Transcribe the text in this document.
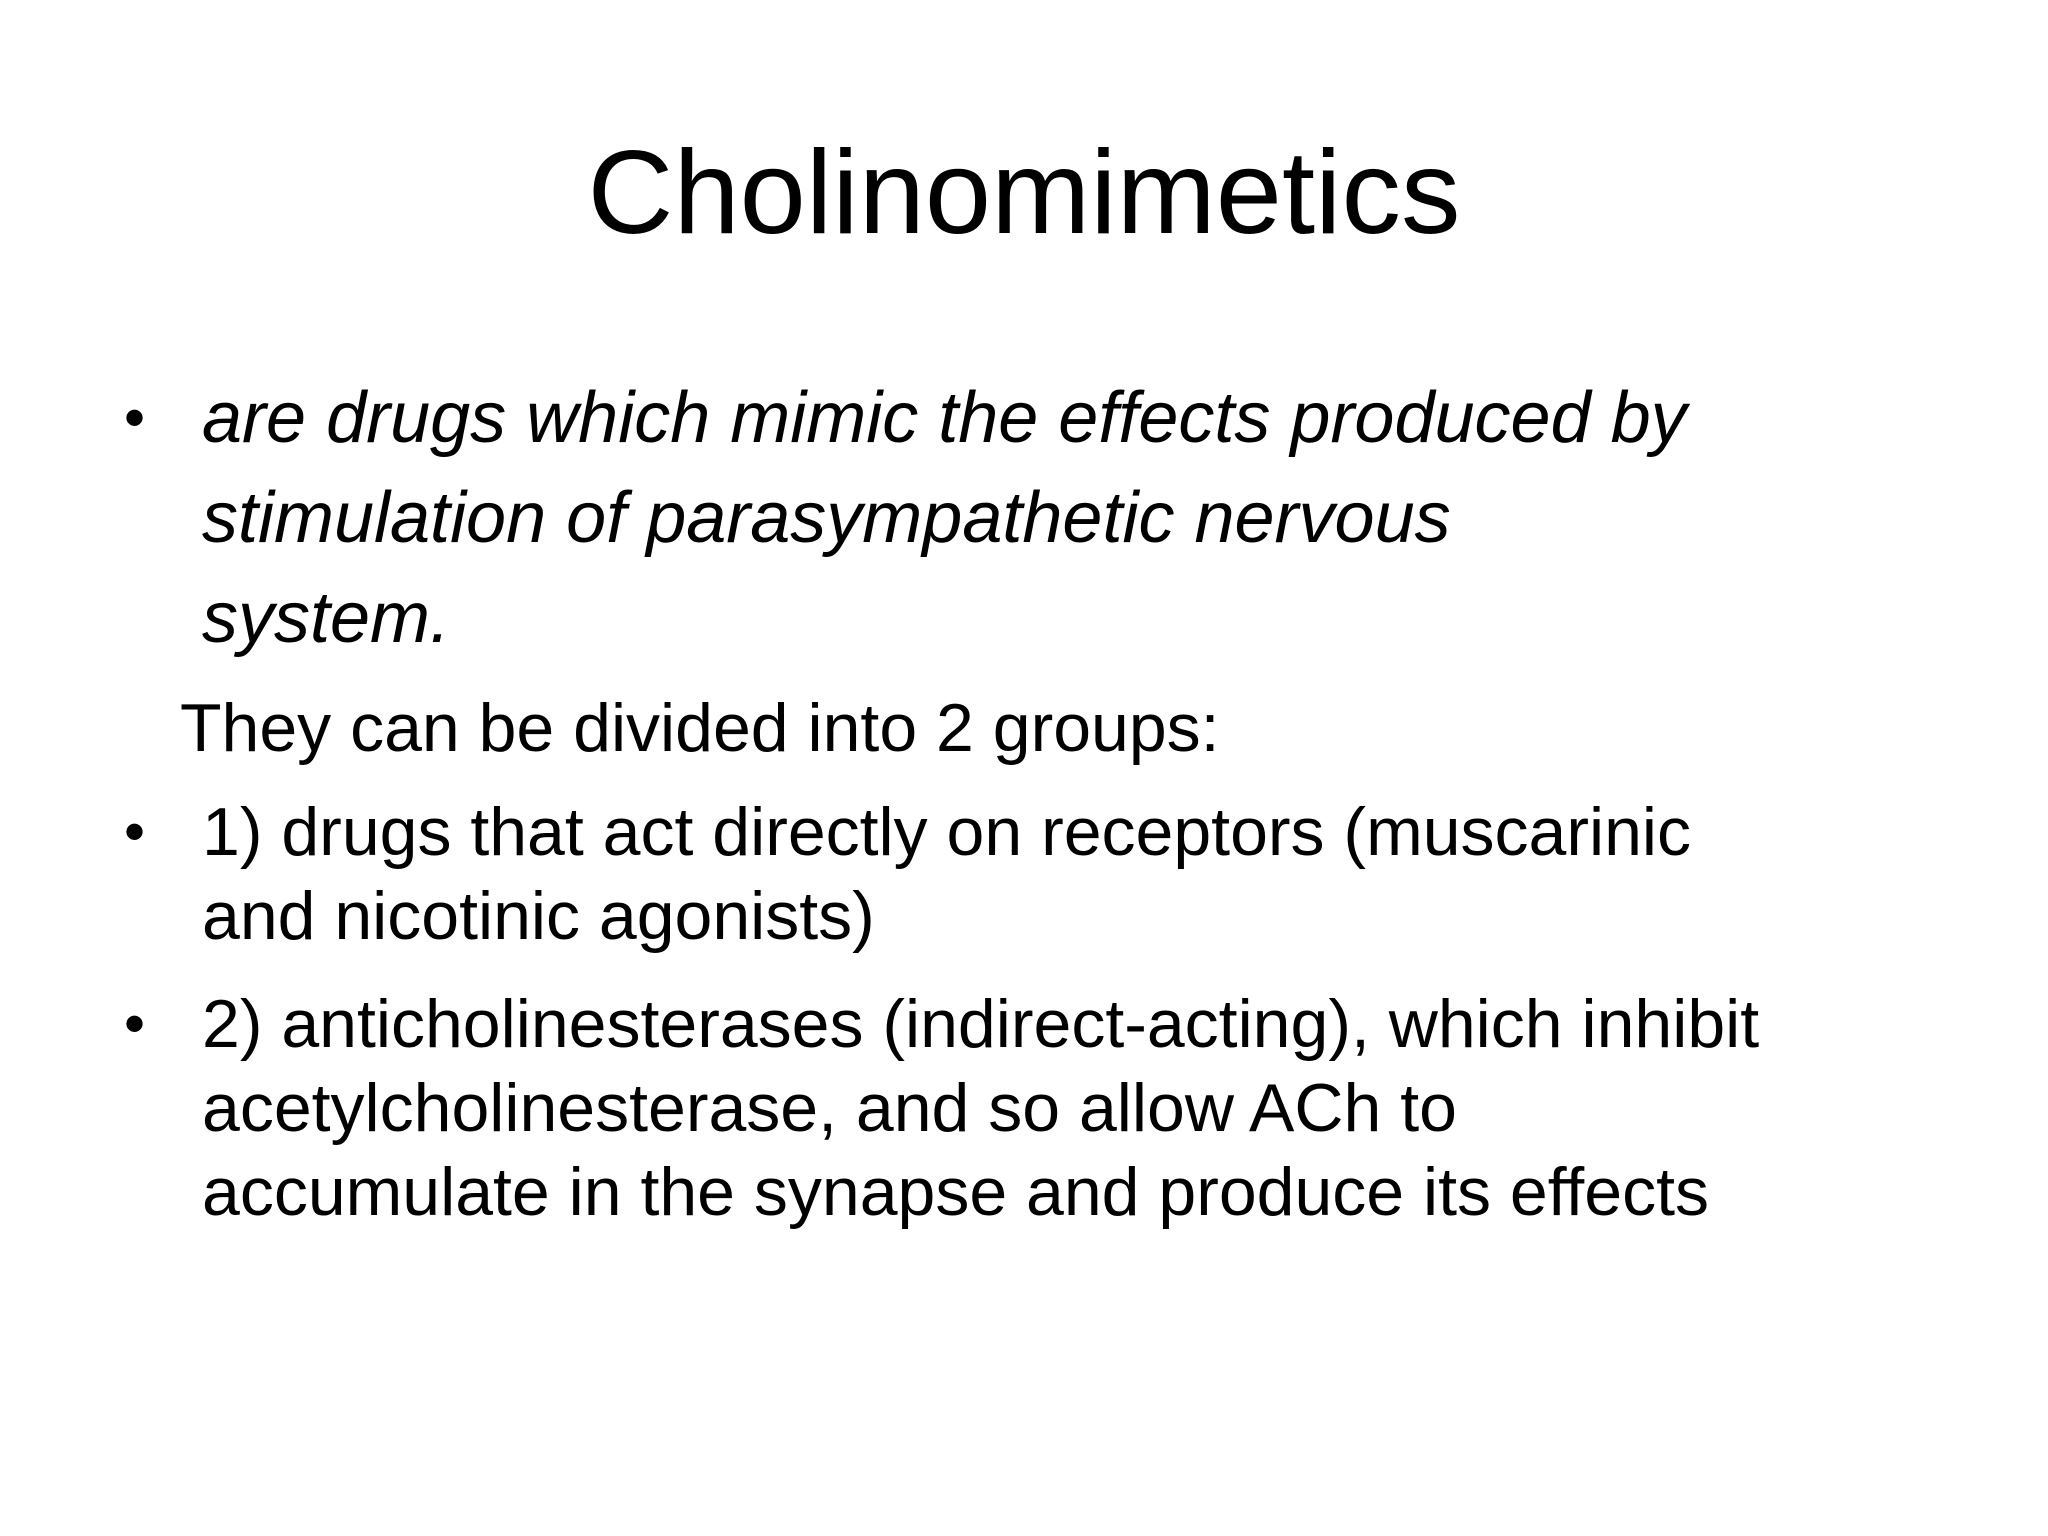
Cholinomimetics
• are drugs which mimic the effects produced by
stimulation of parasympathetic nervous
system.
They can be divided into 2 groups:
• 1) drugs that act directly on receptors (muscarinic
and nicotinic agonists)
• 2) anticholinesterases (indirect-acting), which inhibit
acetylcholinesterase, and so allow ACh to
accumulate in the synapse and produce its effects
